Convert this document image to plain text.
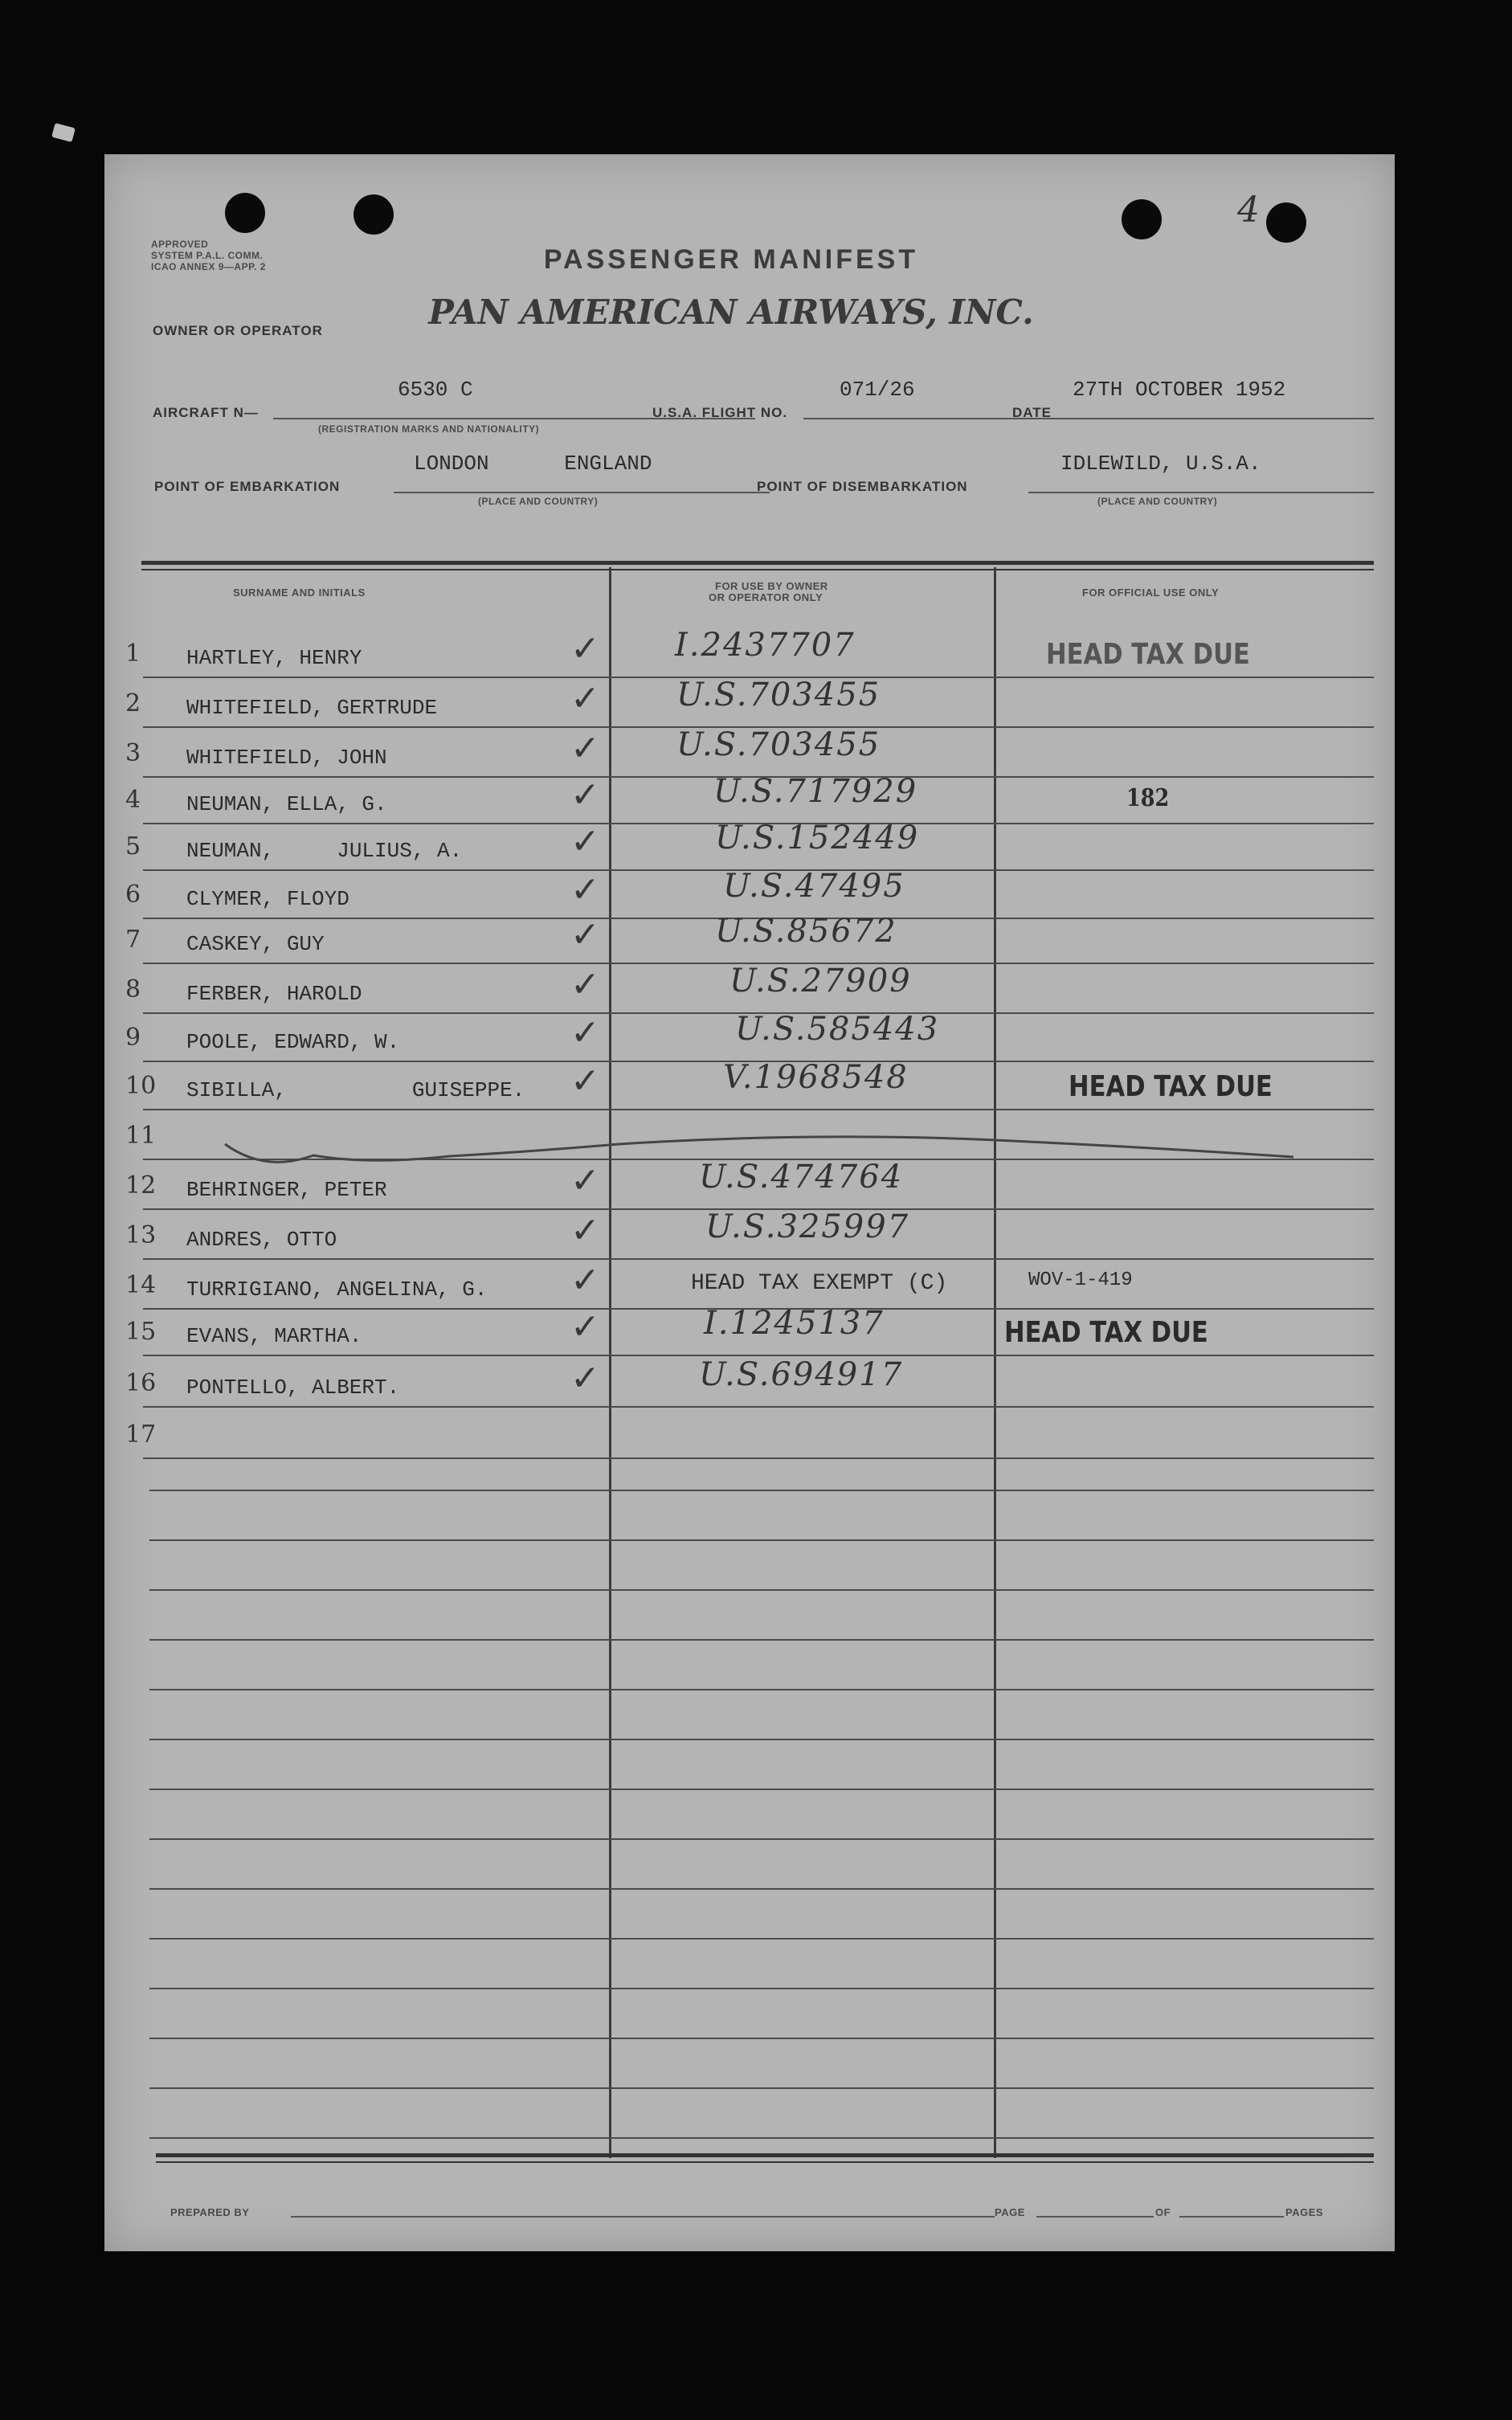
4
APPROVED
SYSTEM P.A.L. COMM.
ICAO ANNEX 9—APP. 2	PASSENGER MANIFEST
PAN AMERICAN AIRWAYS, INC.
OWNER OR OPERATOR
AIRCRAFT N—
6530 C
(REGISTRATION MARKS AND NATIONALITY)
U.S.A. FLIGHT NO.
071/26
DATE
27TH OCTOBER 1952
POINT OF EMBARKATION
LONDON      ENGLAND
(PLACE AND COUNTRY)
POINT OF DISEMBARKATION
IDLEWILD, U.S.A.
(PLACE AND COUNTRY)
SURNAME AND INITIALS
FOR USE BY OWNER
OR OPERATOR ONLY	FOR OFFICIAL USE ONLY
1 HARTLEY, HENRY	✓ I.2437707	HEAD TAX DUE
2 WHITEFIELD, GERTRUDE	✓ U.S.703455
3 WHITEFIELD, JOHN	✓ U.S.703455
4 NEUMAN, ELLA, G.	✓	U.S.717929	182
5 NEUMAN,     JULIUS, A.	✓	U.S.152449
6 CLYMER, FLOYD	✓	U.S.47495
7 CASKEY, GUY	✓	U.S.85672
8 FERBER, HAROLD	✓	U.S.27909
9 POOLE, EDWARD, W.	✓	U.S.585443
10 SIBILLA,          GUISEPPE. ✓	V.1968548	HEAD TAX DUE
11
12 BEHRINGER, PETER	✓	U.S.474764
13 ANDRES, OTTO	✓	U.S.325997
14 TURRIGIANO, ANGELINA, G. ✓	HEAD TAX EXEMPT (C)	WOV-1-419
15 EVANS, MARTHA.	✓	I.1245137	HEAD TAX DUE
16 PONTELLO, ALBERT.	✓	U.S.694917
17
PREPARED BY	PAGE	OF	PAGES
